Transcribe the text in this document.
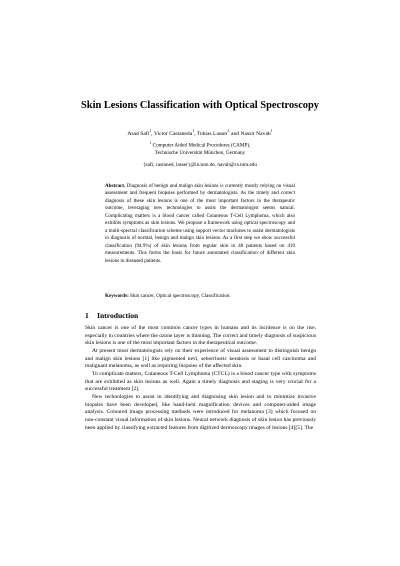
Skin Lesions Classification with Optical Spectroscopy
Asad Safi$^1$, Victor Castaneda$^1$, Tobias Lasser$^1$ and Nassir Navab$^1$
$^1$ Computer Aided Medical Procedures (CAMP),
Technische Universität München, Germany
{safi, castaned, lasser}@in.tum.de, navab@cs.tum.edu

Abstract. Diagnosis of benign and malign skin lesions is currently mostly relying on visual assessment and frequent biopsies performed by dermatologists. As the timely and correct diagnosis of these skin lesions is one of the most important factors in the therapeutic outcome, leveraging new technologies to assist the dermatologist seems natural. Complicating matters is a blood cancer called Cutaneous T-Cell Lymphoma, which also exhibits symptoms as skin lesions. We propose a framework using optical spectroscopy and a multi-spectral classification scheme using support vector machines to assist dermatologists in diagnosis of normal, benign and malign skin lesions. As a first step we show successful classification (94.9%) of skin lesions from regular skin in 48 patients based on 410 measurements. This forms the basis for future automated classification of different skin lesions in diseased patients.

Keywords: Skin cancer, Optical spectroscopy, Classification.

1 Introduction

Skin cancer is one of the most common cancer types in humans and its incidence is on the rise, especially in countries where the ozone layer is thinning. The correct and timely diagnosis of suspicious skin lesions is one of the most important factors in the therapeutical outcome.

At present most dermatologists rely on their experience of visual assessment to distinguish benign and malign skin lesions [1] like pigmented nevi, seborrhoeic keratosis or basal cell carcinoma and malignant melanoma, as well as requiring biopsies of the affected skin.

To complicate matters, Cutaneous T-Cell Lymphoma (CTCL) is a blood cancer type with symptoms that are exhibited as skin lesions as well. Again a timely diagnosis and staging is very crucial for a successful treatment [2].

New technologies to assist in identifying and diagnosing skin lesion and to minimize invasive biopsies have been developed, like hand-held magnification devices and computer-aided image analysis. Coloured image processing methods were introduced for melanoma [3] which focused on non-constant visual information of skin lesions. Neural network diagnosis of skin lesion has previously been applied by classifying extracted features from digitized dermoscopy images of lesions [4][5]. The
